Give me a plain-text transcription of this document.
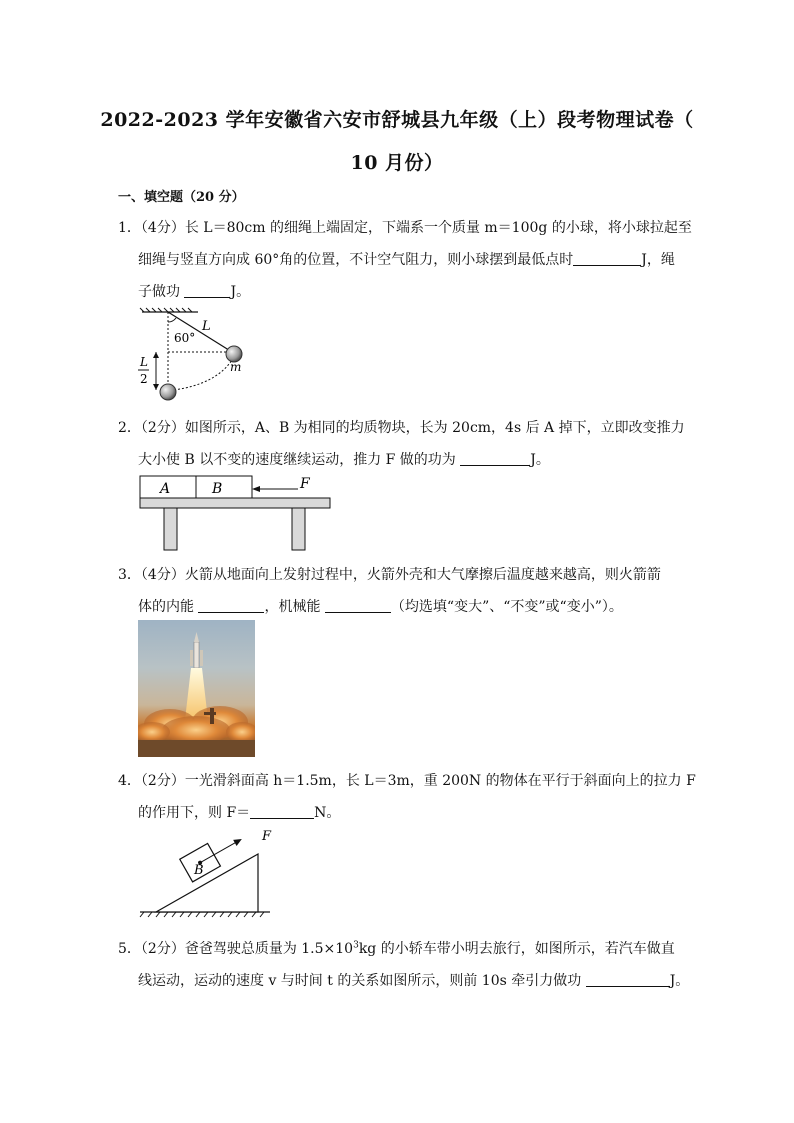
2022-2023 学年安徽省六安市舒城县九年级（上）段考物理试卷（
10 月份）
一、填空题（20 分）
1．（4分）长 L＝80cm 的细绳上端固定，下端系一个质量 m＝100g 的小球，将小球拉起至
细绳与竖直方向成 60°角的位置，不计空气阻力，则小球摆到最低点时	J，绳
子做功	J。
L
60°
m
L
2
2．（2分）如图所示，A、B 为相同的均质物块，长为 20cm，4s 后 A 掉下，立即改变推力
大小使 B 以不变的速度继续运动，推力 F 做的功为	J。
A	B	F
3．（4分）火箭从地面向上发射过程中，火箭外壳和大气摩擦后温度越来越高，则火箭箭
体的内能	，机械能	（均选填“变大”、“不变”或“变小”）。
4．（2分）一光滑斜面高 h＝1.5m，长 L＝3m，重 200N 的物体在平行于斜面向上的拉力 F
的作用下，则 F＝	N。
B
F
5．（2分）爸爸驾驶总质量为 $1.5\times 10^3kg$ 的小轿车带小明去旅行，如图所示，若汽车做直
线运动，运动的速度 v 与时间 t 的关系如图所示，则前 10s 牵引力做功	J。
